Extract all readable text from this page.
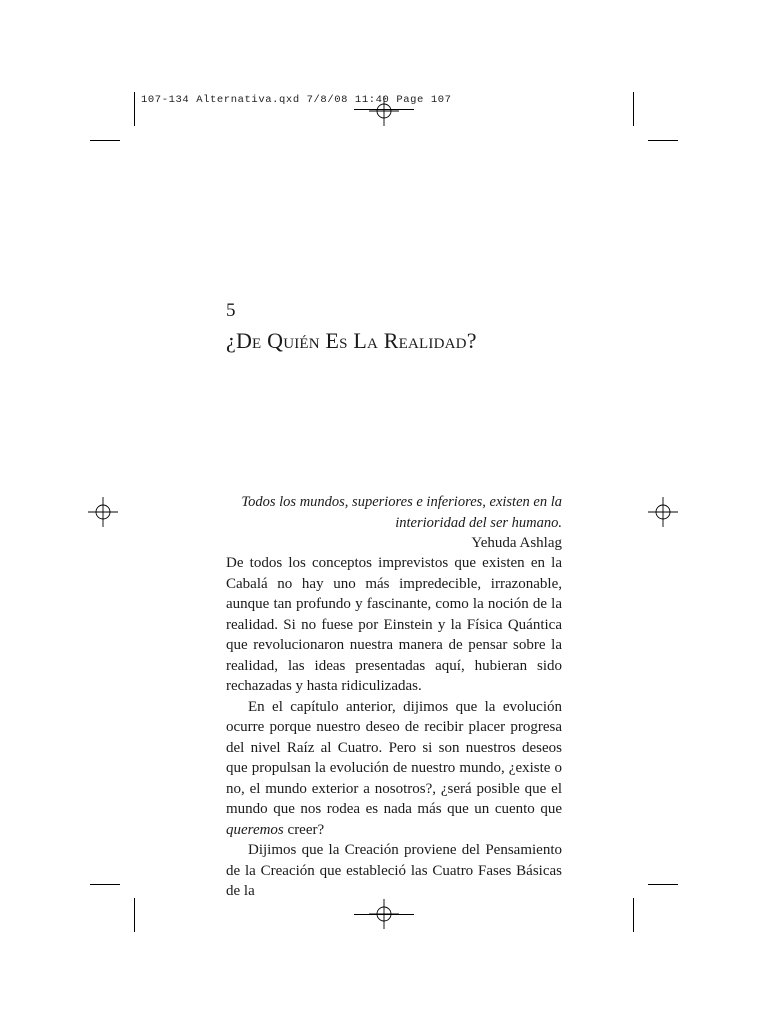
107-134 Alternativa.qxd 7/8/08 11:40 Page 107
5
¿De Quién Es La Realidad?
Todos los mundos, superiores e inferiores, existen en la interioridad del ser humano.
Yehuda Ashlag

De todos los conceptos imprevistos que existen en la Cabalá no hay uno más impredecible, irrazonable, aunque tan profundo y fascinante, como la noción de la realidad. Si no fuese por Einstein y la Física Quántica que revolucionaron nuestra manera de pensar sobre la realidad, las ideas presentadas aquí, hubieran sido rechazadas y hasta ridiculizadas.

En el capítulo anterior, dijimos que la evolución ocurre porque nuestro deseo de recibir placer progresa del nivel Raíz al Cuatro. Pero si son nuestros deseos que propulsan la evolución de nuestro mundo, ¿existe o no, el mundo exterior a nosotros?, ¿será posible que el mundo que nos rodea es nada más que un cuento que queremos creer?

Dijimos que la Creación proviene del Pensamiento de la Creación que estableció las Cuatro Fases Básicas de la
